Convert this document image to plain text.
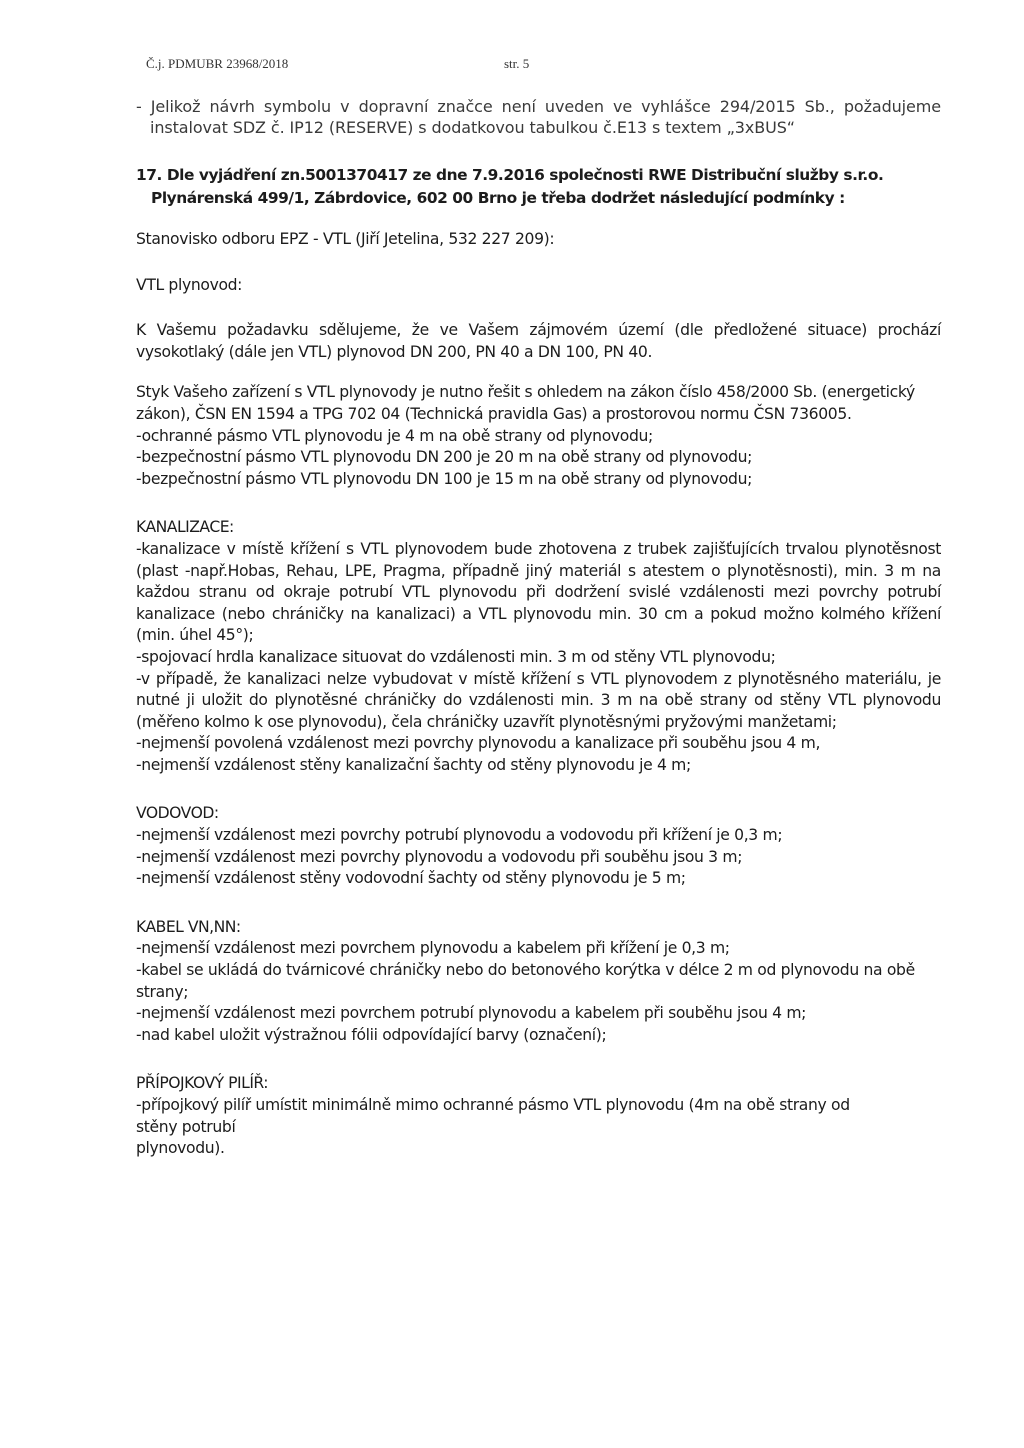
Č.j. PDMUBR 23968/2018	str. 5

- Jelikož návrh symbolu v dopravní značce není uveden ve vyhlášce 294/2015 Sb., požadujeme instalovat SDZ č. IP12 (RESERVE) s dodatkovou tabulkou č.E13 s textem „3xBUS“

17. Dle vyjádření zn.5001370417 ze dne 7.9.2016 společnosti RWE Distribuční služby s.r.o. Plynárenská 499/1, Zábrdovice, 602 00 Brno je třeba dodržet následující podmínky :

Stanovisko odboru EPZ - VTL (Jiří Jetelina, 532 227 209):

VTL plynovod:

K Vašemu požadavku sdělujeme, že ve Vašem zájmovém území (dle předložené situace) prochází vysokotlaký (dále jen VTL) plynovod DN 200, PN 40 a DN 100, PN 40.

Styk Vašeho zařízení s VTL plynovody je nutno řešit s ohledem na zákon číslo 458/2000 Sb. (energetický zákon), ČSN EN 1594 a TPG 702 04 (Technická pravidla Gas) a prostorovou normu ČSN 736005.

-ochranné pásmo VTL plynovodu je 4 m na obě strany od plynovodu;

-bezpečnostní pásmo VTL plynovodu DN 200 je 20 m na obě strany od plynovodu;

-bezpečnostní pásmo VTL plynovodu DN 100 je 15 m na obě strany od plynovodu;

KANALIZACE:

-kanalizace v místě křížení s VTL plynovodem bude zhotovena z trubek zajišťujících trvalou plynotěsnost (plast -např.Hobas, Rehau, LPE, Pragma, případně jiný materiál s atestem o plynotěsnosti), min. 3 m na každou stranu od okraje potrubí VTL plynovodu při dodržení svislé vzdálenosti mezi povrchy potrubí kanalizace (nebo chráničky na kanalizaci) a VTL plynovodu min. 30 cm a pokud možno kolmého křížení (min. úhel 45°);

-spojovací hrdla kanalizace situovat do vzdálenosti min. 3 m od stěny VTL plynovodu;

-v případě, že kanalizaci nelze vybudovat v místě křížení s VTL plynovodem z plynotěsného materiálu, je nutné ji uložit do plynotěsné chráničky do vzdálenosti min. 3 m na obě strany od stěny VTL plynovodu (měřeno kolmo k ose plynovodu), čela chráničky uzavřít plynotěsnými pryžovými manžetami;

-nejmenší povolená vzdálenost mezi povrchy plynovodu a kanalizace při souběhu jsou 4 m,

-nejmenší vzdálenost stěny kanalizační šachty od stěny plynovodu je 4 m;

VODOVOD:

-nejmenší vzdálenost mezi povrchy potrubí plynovodu a vodovodu při křížení je 0,3 m;

-nejmenší vzdálenost mezi povrchy plynovodu a vodovodu při souběhu jsou 3 m;

-nejmenší vzdálenost stěny vodovodní šachty od stěny plynovodu je 5 m;

KABEL VN,NN:

-nejmenší vzdálenost mezi povrchem plynovodu a kabelem při křížení je 0,3 m;

-kabel se ukládá do tvárnicové chráničky nebo do betonového korýtka v délce 2 m od plynovodu na obě strany;

-nejmenší vzdálenost mezi povrchem potrubí plynovodu a kabelem při souběhu jsou 4 m;

-nad kabel uložit výstražnou fólii odpovídající barvy (označení);

PŘÍPOJKOVÝ PILÍŘ:

-přípojkový pilíř umístit minimálně mimo ochranné pásmo VTL plynovodu (4m na obě strany od

stěny potrubí

plynovodu).
